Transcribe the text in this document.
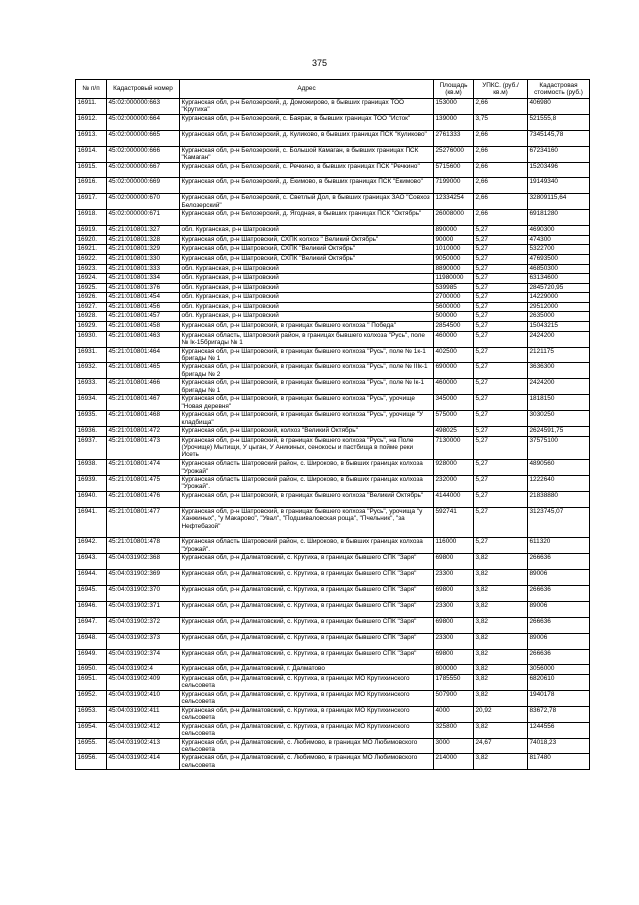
375
№ п/п	Кадастровый номер	Адрес	Площадь (кв.м)	УПКС. (руб./кв.м)	Кадастровая стоимость (руб.)
16911.	45:02:000000:663	Курганская обл, р-н Белозерский, д. Доможирово, в бывших границах ТОО "Крутиха"	153000	2,66	406980
16912.	45:02:000000:664	Курганская обл, р-н Белозерский, с. Баярак, в бывших границах ТОО "Исток"	139000	3,75	521555,8
16913.	45:02:000000:665	Курганская обл, р-н Белозерский, д. Куликово, в бывших границах ПСК "Куликово"	2761333	2,66	7345145,78
16914.	45:02:000000:666	Курганская обл, р-н Белозерский, с. Большой Камаган, в бывших границах ПСК "Камаган"	25276000	2,66	67234160
16915.	45:02:000000:667	Курганская обл, р-н Белозерский, с. Речкино, в бывших границах ПСК "Речкино"	5715600	2,66	15203496
16916.	45:02:000000:669	Курганская обл, р-н Белозерский, д. Екимово, в бывших границах ПСК "Екимово"	7199000	2,66	19149340
16917.	45:02:000000:670	Курганская обл, р-н Белозерский, с. Светлый Дол, в бывших границах ЗАО "Совхоз Белозерский"	12334254	2,66	32809115,64
16918.	45:02:000000:671	Курганская обл, р-н Белозерский, д. Ягодная, в бывших границах ПСК "Октябрь"	26008000	2,66	69181280
16919.	45:21:010801:327	обл. Курганская, р-н Шатровский	890000	5,27	4690300
16920.	45:21:010801:328	Курганская обл, р-н Шатровский, СХПК колхоз " Великий Октябрь"	90000	5,27	474300
16921.	45:21:010801:329	Курганская обл, р-н Шатровский, СХПК "Великий Октябрь"	1010000	5,27	5322700
16922.	45:21:010801:330	Курганская обл, р-н Шатровский, СХПК "Великий Октябрь"	9050000	5,27	47693500
16923.	45:21:010801:333	обл. Курганская, р-н Шатровский	8890000	5,27	46850300
16924.	45:21:010801:334	обл. Курганская, р-н Шатровский	11980000	5,27	63134600
16925.	45:21:010801:376	обл. Курганская, р-н Шатровский	539985	5,27	2845720,95
16926.	45:21:010801:454	обл. Курганская, р-н Шатровский	2700000	5,27	14229000
16927.	45:21:010801:456	обл. Курганская, р-н Шатровский	5600000	5,27	29512000
16928.	45:21:010801:457	обл. Курганская, р-н Шатровский	500000	5,27	2635000
16929.	45:21:010801:458	Курганская обл, р-н Шатровский, в границах бывшего колхоза " Победа"	2854500	5,27	15043215
16930.	45:21:010801:463	Курганская область, Шатровский район, в границах бывшего колхоза "Русь", поле № Iк-15бригады № 1	460000	5,27	2424200
16931.	45:21:010801:464	Курганская обл, р-н Шатровский, в границах бывшего колхоза "Русь", поле № 1к-1 бригады № 1	402500	5,27	2121175
16932.	45:21:010801:465	Курганская обл, р-н Шатровский, в границах бывшего колхоза "Русь", поле № IIIк-1 бригады № 2	690000	5,27	3636300
16933.	45:21:010801:466	Курганская обл, р-н Шатровский, в границах бывшего колхоза "Русь", поле № Iк-1 бригады № 1	460000	5,27	2424200
16934.	45:21:010801:467	Курганская обл, р-н Шатровский, в границах бывшего колхоза "Русь", урочище "Новая деревня"	345000	5,27	1818150
16935.	45:21:010801:468	Курганская обл, р-н Шатровский, в границах бывшего колхоза "Русь", урочище "У кладбища"	575000	5,27	3030250
16936.	45:21:010801:472	Курганская обл, р-н Шатровский, колхоз "Великий Октябрь"	498025	5,27	2624591,75
16937.	45:21:010801:473	Курганская обл, р-н Шатровский, в границах бывшего колхоза "Русь", на Поле (Урочище) Мытищи, У цыган, У Аникиных, сенокосы и пастбища в пойме реки Исеть	7130000	5,27	37575100
16938.	45:21:010801:474	Курганская область Шатровский район, с. Широково, в бывших границах колхоза "Урожай"	928000	5,27	4890560
16939.	45:21:010801:475	Курганская область Шатровский район, с. Широково, в бывших границах колхоза "Урожай".	232000	5,27	1222640
16940.	45:21:010801:476	Курганская обл, р-н Шатровский, в границах бывшего колхоза "Великий Октябрь"	4144000	5,27	21838880
16941.	45:21:010801:477	Курганская обл, р-н Шатровский, в границах бывшего колхоза "Русь", урочища "у Ханжиных", "у Макарово", "Увал", "Подшиваловская роща", "Пчельник", "за Нефтебазой"	592741	5,27	3123745,07
16942.	45:21:010801:478	Курганская область Шатровский район, с. Широково, в бывших границах колхоза "Урожай".	116000	5,27	611320
16943.	45:04:031902:368	Курганская обл, р-н Далматовский, с. Крутиха, в границах бывшего СПК "Заря"	69800	3,82	266636
16944.	45:04:031902:369	Курганская обл, р-н Далматовский, с. Крутиха, в границах бывшего СПК "Заря"	23300	3,82	89006
16945.	45:04:031902:370	Курганская обл, р-н Далматовский, с. Крутиха, в границах бывшего СПК "Заря"	69800	3,82	266636
16946.	45:04:031902:371	Курганская обл, р-н Далматовский, с. Крутиха, в границах бывшего СПК "Заря"	23300	3,82	89006
16947.	45:04:031902:372	Курганская обл, р-н Далматовский, с. Крутиха, в границах бывшего СПК "Заря"	69800	3,82	266636
16948.	45:04:031902:373	Курганская обл, р-н Далматовский, с. Крутиха, в границах бывшего СПК "Заря"	23300	3,82	89006
16949.	45:04:031902:374	Курганская обл, р-н Далматовский, с. Крутиха, в границах бывшего СПК "Заря"	69800	3,82	266636
16950.	45:04:031902:4	Курганская обл, р-н Далматовский, г. Далматово	800000	3,82	3056000
16951.	45:04:031902:409	Курганская обл, р-н Далматовский, с. Крутиха, в границах МО Крутихинского сельсовета	1785550	3,82	6820610
16952.	45:04:031902:410	Курганская обл, р-н Далматовский, с. Крутиха, в границах МО Крутихинского сельсовета	507900	3,82	1940178
16953.	45:04:031902:411	Курганская обл, р-н Далматовский, с. Крутиха, в границах МО Крутихинского сельсовета	4000	20,92	83672,78
16954.	45:04:031902:412	Курганская обл, р-н Далматовский, с. Крутиха, в границах МО Крутихинского сельсовета	325800	3,82	1244556
16955.	45:04:031902:413	Курганская обл, р-н Далматовский, с. Любимово, в границах МО Любимовского сельсовета	3000	24,67	74018,23
16956.	45:04:031902:414	Курганская обл, р-н Далматовский, с. Любимово, в границах МО Любимовского сельсовета	214000	3,82	817480
